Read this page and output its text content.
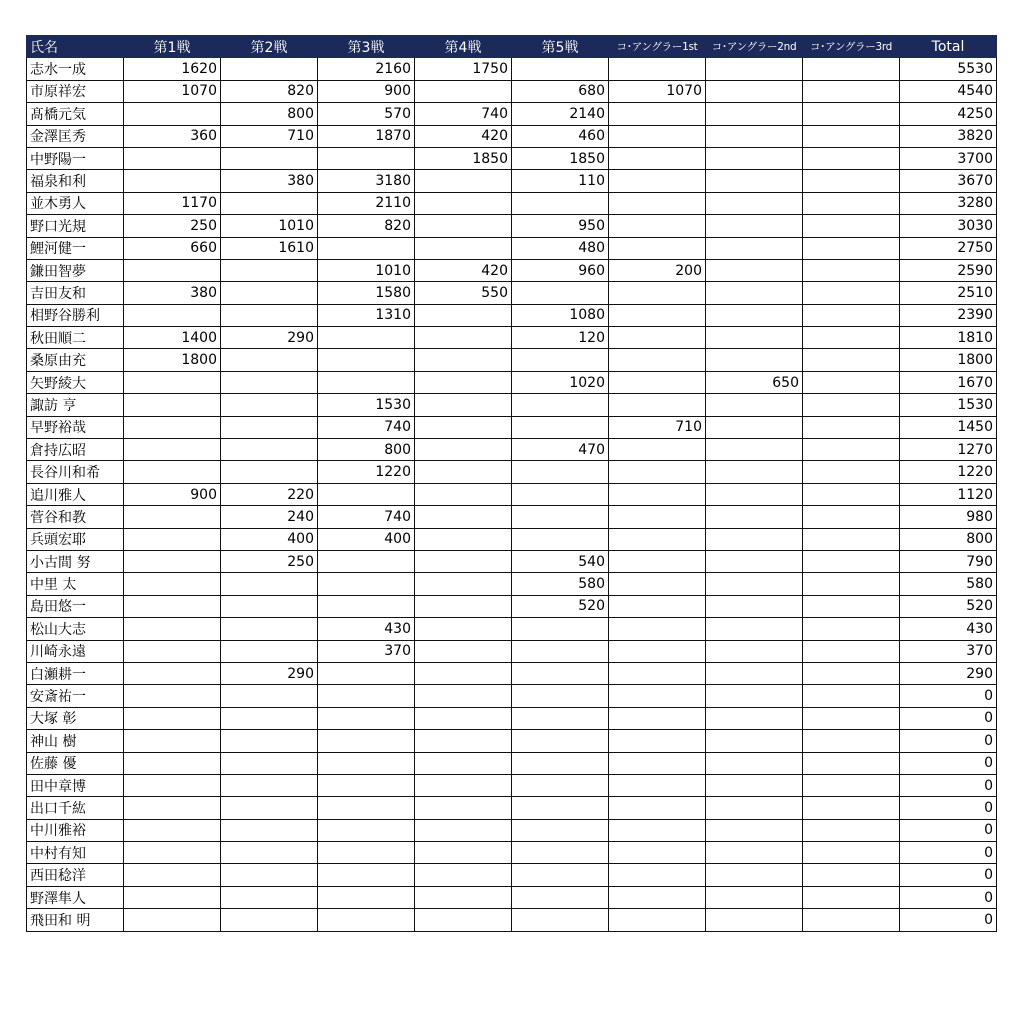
氏名	第1戦	第2戦	第3戦	第4戦	第5戦	コ･アングラー1st	コ･アングラー2nd	コ･アングラー3rd	Total
志水一成	1620		2160	1750					5530
市原祥宏	1070	820	900		680	1070			4540
髙橋元気		800	570	740	2140				4250
金澤匡秀	360	710	1870	420	460				3820
中野陽一				1850	1850				3700
福泉和利		380	3180		110				3670
並木勇人	1170		2110						3280
野口光規	250	1010	820		950				3030
鯉河健一	660	1610			480				2750
鎌田智夢			1010	420	960	200			2590
吉田友和	380		1580	550					2510
相野谷勝利			1310		1080				2390
秋田順二	1400	290			120				1810
桑原由充	1800								1800
矢野綾大					1020		650		1670
諏訪 亨			1530						1530
早野裕哉			740			710			1450
倉持広昭			800		470				1270
長谷川和希			1220						1220
追川雅人	900	220							1120
菅谷和教		240	740						980
兵頭宏耶		400	400						800
小古間 努		250			540				790
中里 太					580				580
島田悠一					520				520
松山大志			430						430
川崎永遠			370						370
白瀬耕一		290							290
安斎祐一									0
大塚 彰									0
神山 樹									0
佐藤 優									0
田中章博									0
出口千紘									0
中川雅裕									0
中村有知									0
西田稔洋									0
野澤隼人									0
飛田和 明									0
